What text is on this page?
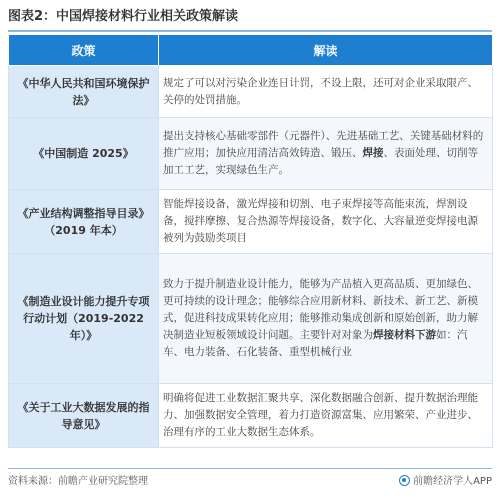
图表2：中国焊接材料行业相关政策解读
政策	解读
《中华人民共和国环境保护法》	规定了可以对污染企业连日计罚，不设上限，还可对企业采取限产、关停的处罚措施。
《中国制造 2025》	提出支持核心基础零部件（元器件）、先进基础工艺、关键基础材料的推广应用；加快应用清洁高效铸造、锻压、焊接、表面处理、切削等加工工艺，实现绿色生产。
《产业结构调整指导目录》（2019 年本）	智能焊接设备，激光焊接和切割、电子束焊接等高能束流，焊割设备，搅拌摩擦、复合热源等焊接设备，数字化、大容量逆变焊接电源被列为鼓励类项目
《制造业设计能力提升专项行动计划（2019-2022 年）》	致力于提升制造业设计能力，能够为产品植入更高品质、更加绿色、更可持续的设计理念；能够综合应用新材料、新技术、新工艺、新模式，促进科技成果转化应用；能够推动集成创新和原始创新，助力解决制造业短板领域设计问题。主要针对对象为焊接材料下游如：汽车、电力装备、石化装备、重型机械行业
《关于工业大数据发展的指导意见》	明确将促进工业数据汇聚共享、深化数据融合创新、提升数据治理能力、加强数据安全管理，着力打造资源富集、应用繁荣、产业进步、治理有序的工业大数据生态体系。
资料来源：前瞻产业研究院整理	前瞻经济学人APP
